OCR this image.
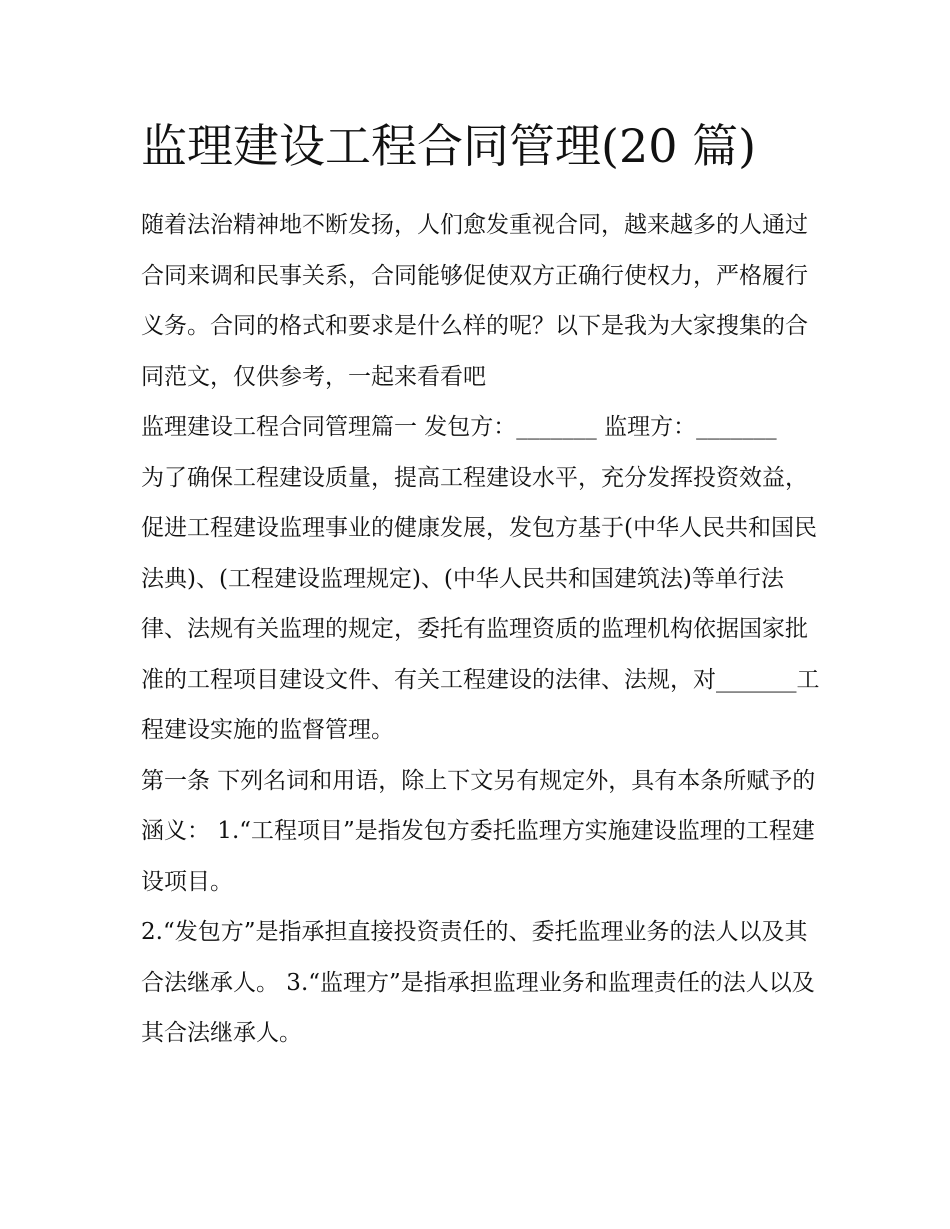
监理建设工程合同管理(20 篇)

随着法治精神地不断发扬，人们愈发重视合同，越来越多的人通过合同来调和民事关系，合同能够促使双方正确行使权力，严格履行义务。合同的格式和要求是什么样的呢？以下是我为大家搜集的合同范文，仅供参考，一起来看看吧

监理建设工程合同管理篇一 发包方：_______ 监理方：_______

为了确保工程建设质量，提高工程建设水平，充分发挥投资效益，促进工程建设监理事业的健康发展，发包方基于(中华人民共和国民法典)、(工程建设监理规定)、(中华人民共和国建筑法)等单行法律、法规有关监理的规定，委托有监理资质的监理机构依据国家批准的工程项目建设文件、有关工程建设的法律、法规，对_______工程建设实施的监督管理。

第一条 下列名词和用语，除上下文另有规定外，具有本条所赋予的涵义： 1.“工程项目”是指发包方委托监理方实施建设监理的工程建设项目。

2.“发包方”是指承担直接投资责任的、委托监理业务的法人以及其合法继承人。 3.“监理方”是指承担监理业务和监理责任的法人以及其合法继承人。
